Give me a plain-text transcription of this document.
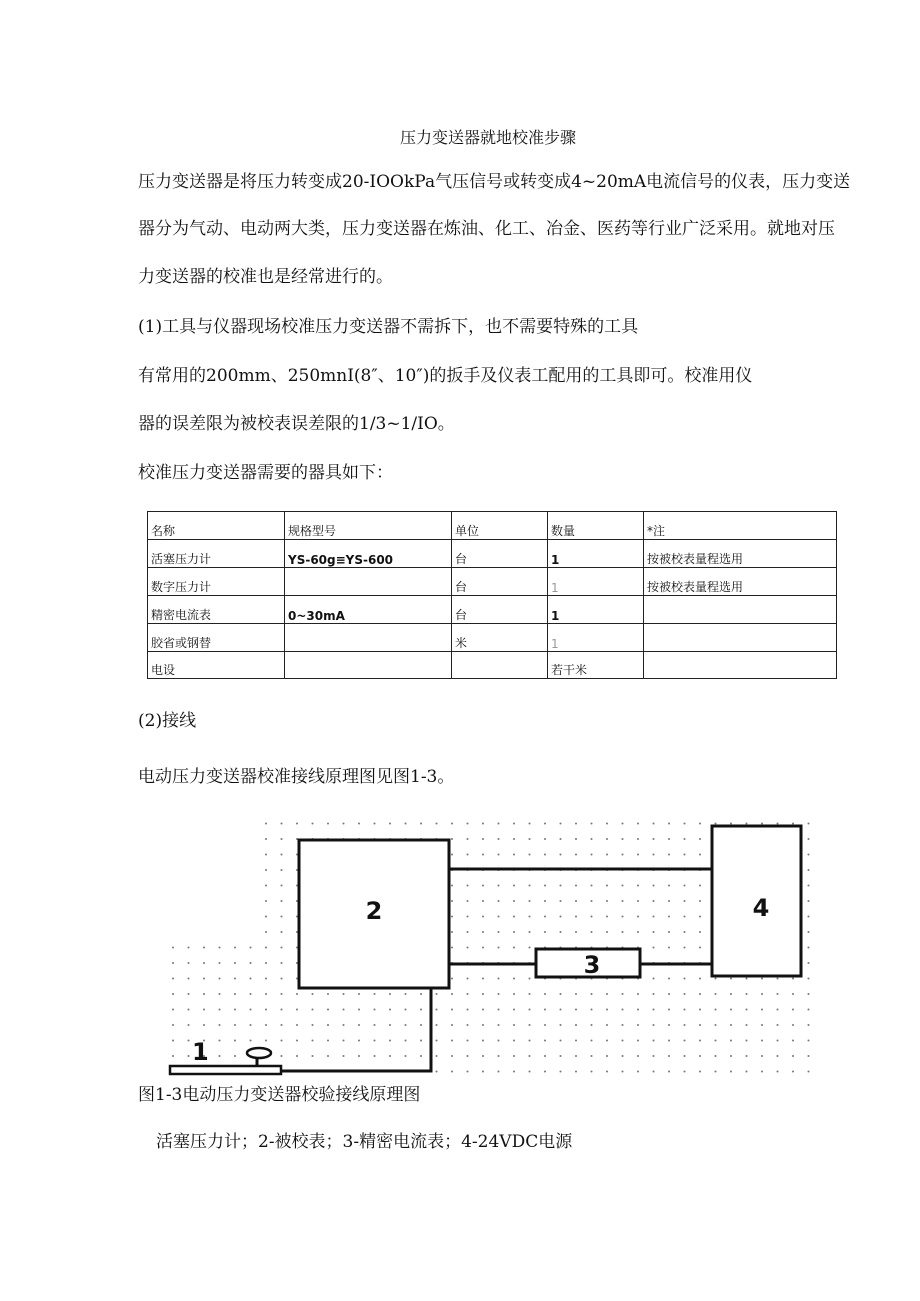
压力变送器就地校准步骤
压力变送器是将压力转变成20-IOOkPa气压信号或转变成4~20mA电流信号的仪表，压力变送
器分为气动、电动两大类，压力变送器在炼油、化工、冶金、医药等行业广泛采用。就地对压
力变送器的校准也是经常进行的。
(1)工具与仪器现场校准压力变送器不需拆下，也不需要特殊的工具
有常用的200mm、250mnI(8″、10″)的扳手及仪表工配用的工具即可。校准用仪
器的误差限为被校表误差限的1/3~1/IO。
校准压力变送器需要的器具如下：
名称	规格型号	单位	数量	*注
活塞压力计	YS-60g≡YS-600	台	1	按被校表量程选用
数字压力计		台	1	按被校表量程选用
精密电流表	0~30mA	台	1	
胶省或钢替		米	1	
电设			若干米	
(2)接线
电动压力变送器校准接线原理图见图1-3。
1
2
3
4
图1-3电动压力变送器校验接线原理图
活塞压力计；2-被校表；3-精密电流表；4-24VDC电源
